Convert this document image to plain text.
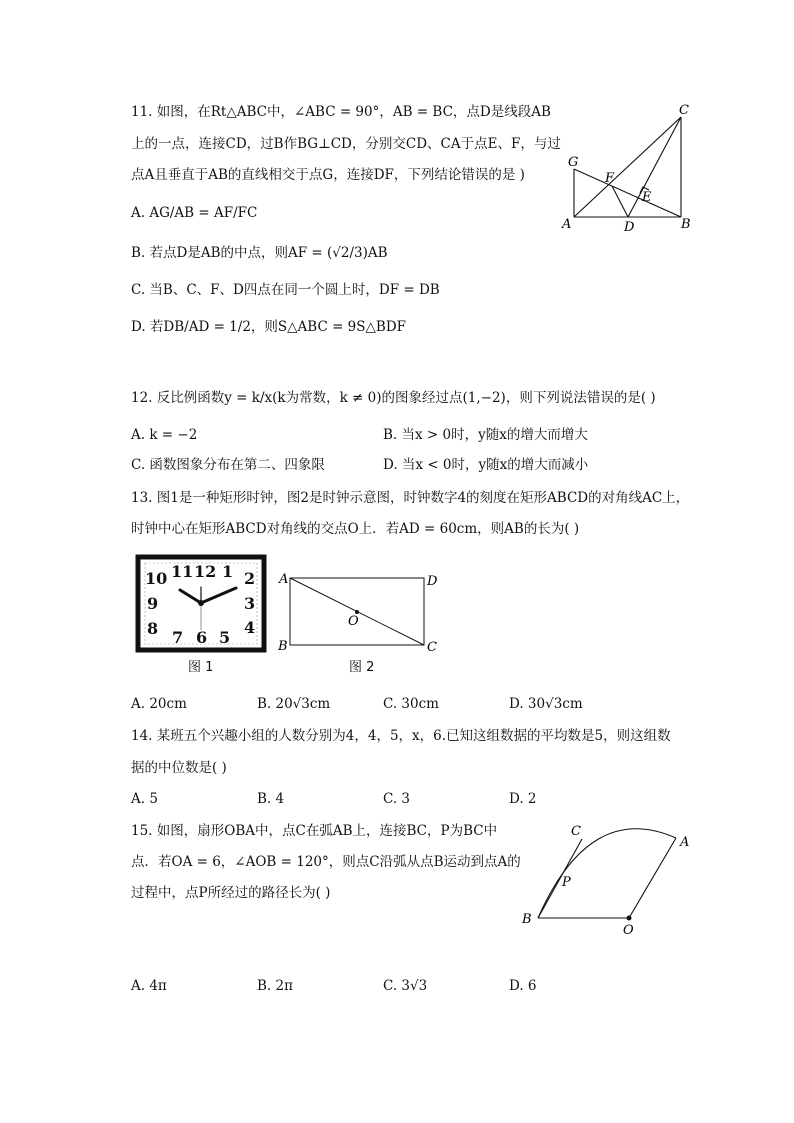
11. 如图，在Rt△ABC中，∠ABC = 90°，AB = BC，点D是线段AB
上的一点，连接CD，过B作BG⊥CD，分别交CD、CA于点E、F，与过
点A且垂直于AB的直线相交于点G，连接DF，下列结论错误的是 )
A. AG/AB = AF/FC
B. 若点D是AB的中点，则AF = (√2/3)AB
C. 当B、C、F、D四点在同一个圆上时，DF = DB
D. 若DB/AD = 1/2，则S△ABC = 9S△BDF
C
G
F
E
A	D	B
12. 反比例函数y = k/x(k为常数，k ≠ 0)的图象经过点(1,−2)，则下列说法错误的是( )
A. k = −2	B. 当x > 0时，y随x的增大而增大
C. 函数图象分布在第二、四象限	D. 当x < 0时，y随x的增大而减小
13. 图1是一种矩形时钟，图2是时钟示意图，时钟数字4的刻度在矩形ABCD的对角线AC上，
时钟中心在矩形ABCD对角线的交点O上．若AD = 60cm，则AB的长为( )
11 12 1
10	2
9	3
8	4
7 6 5
A	D
B	C
O
图 1	图 2
A. 20cm	B. 20√3cm	C. 30cm	D. 30√3cm
14. 某班五个兴趣小组的人数分别为4，4，5，x，6.已知这组数据的平均数是5，则这组数
据的中位数是( )
A. 5	B. 4	C. 3	D. 2
15. 如图，扇形OBA中，点C在弧AB上，连接BC，P为BC中
点．若OA = 6，∠AOB = 120°，则点C沿弧从点B运动到点A的
过程中，点P所经过的路径长为( )
C
A
P
B
O
A. 4π	B. 2π	C. 3√3	D. 6
